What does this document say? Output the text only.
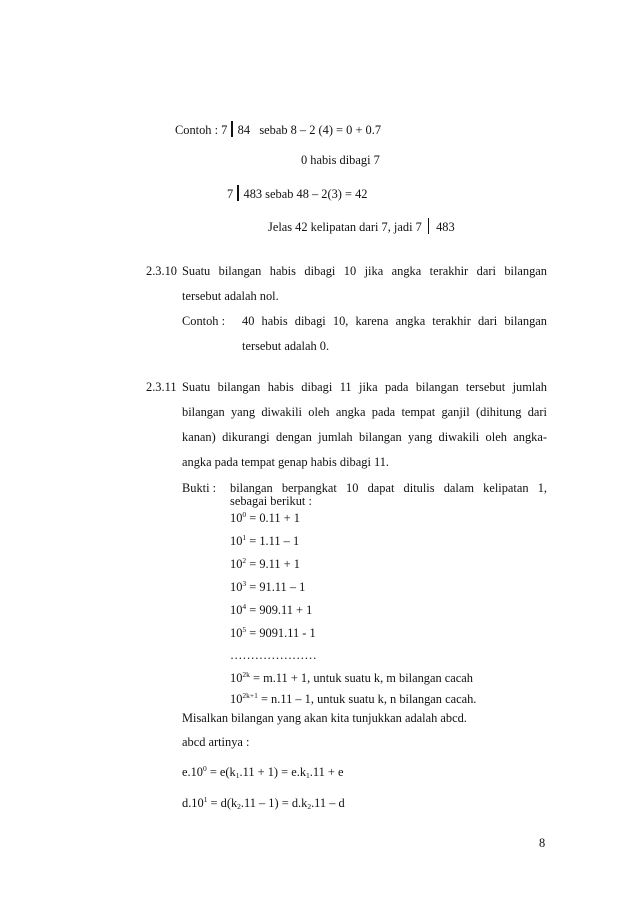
Contoh : 7 84 sebab 8 – 2 (4) = 0 + 0.7
0 habis dibagi 7
7 483 sebab 48 – 2(3) = 42
Jelas 42 kelipatan dari 7, jadi 7 483
2.3.10 Suatu bilangan habis dibagi 10 jika angka terakhir dari bilangan
tersebut adalah nol.
Contoh : 40 habis dibagi 10, karena angka terakhir dari bilangan
tersebut adalah 0.
2.3.11 Suatu bilangan habis dibagi 11 jika pada bilangan tersebut jumlah
bilangan yang diwakili oleh angka pada tempat ganjil (dihitung dari
kanan) dikurangi dengan jumlah bilangan yang diwakili oleh angka-
angka pada tempat genap habis dibagi 11.
Bukti : bilangan berpangkat 10 dapat ditulis dalam kelipatan 1,
sebagai berikut :
$10^0 = 0.11 + 1$
$10^1 = 1.11 - 1$
$10^2 = 9.11 + 1$
$10^3 = 91.11 - 1$
$10^4 = 909.11 + 1$
$10^5 = 9091.11 - 1$
…………………
$10^{2k} = m.11 + 1$, untuk suatu k, m bilangan cacah
$10^{2k+1} = n.11 - 1$, untuk suatu k, n bilangan cacah.
Misalkan bilangan yang akan kita tunjukkan adalah abcd.
abcd artinya :
$e.10^0 = e(k_1.11 + 1) = e.k_1.11 + e$
$d.10^1 = d(k_2.11 - 1) = d.k_2.11 - d$
8
